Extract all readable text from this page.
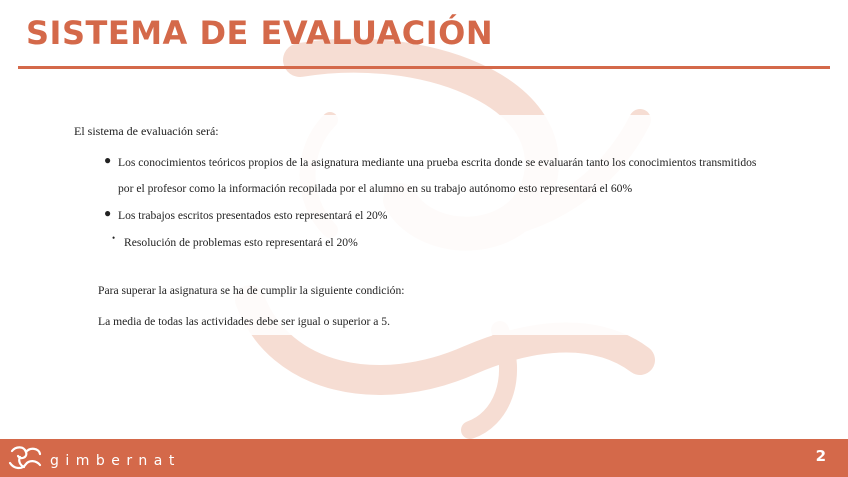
SISTEMA DE EVALUACIÓN
El sistema de evaluación será:
● Los conocimientos teóricos propios de la asignatura mediante una prueba escrita donde se evaluarán tanto los conocimientos transmitidos por el profesor como la información recopilada por el alumno en su trabajo autónomo esto representará el 60%
● Los trabajos escritos presentados esto representará el 20%
• Resolución de problemas esto representará el 20%
Para superar la asignatura se ha de cumplir la siguiente condición:
La media de todas las actividades debe ser igual o superior a 5.
gimbernat	2
